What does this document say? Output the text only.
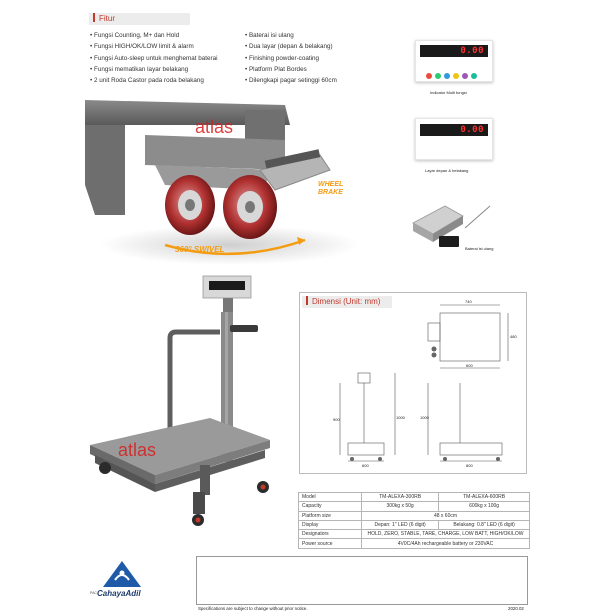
Fitur
• Fungsi Counting, M+ dan Hold
• Fungsi HIGH/OK/LOW limit & alarm
• Fungsi Auto-sleep untuk menghemat baterai
• Fungsi mematikan layar belakang
• 2 unit Roda Castor pada roda belakang
• Baterai isi ulang
• Dua layar (depan & belakang)
• Finishing powder-coating
• Platform Plat Bordes
• Dilengkapi pagar setinggi 60cm
atlas
WHEEL
BRAKE
360° SWIVEL
0.00
Indicator Multi fungsi
0.00
Layar depan & belakang
Baterai isi ulang
atlas
Dimensi (Unit: mm)	740
480
600
900	1000
600
1000
800
Model	TM-ALEXA-300RB	TM-ALEXA-600RB
Capacity	300kg x 50g	600kg x 100g
Platform size	48 x 60cm	
Display	Depan: 1" LED (6 digit)	Belakang: 0.8" LED (6 digit)
Designators	HOLD, ZERO, STABLE, TARE, CHARGE, LOW BATT, HIGH/OK/LOW	
Power source	4V0C/4Ah rechargeable battery or 230VAC	
PAC CahayaAdil
Specifications are subject to change without prior notice.	2020.02
